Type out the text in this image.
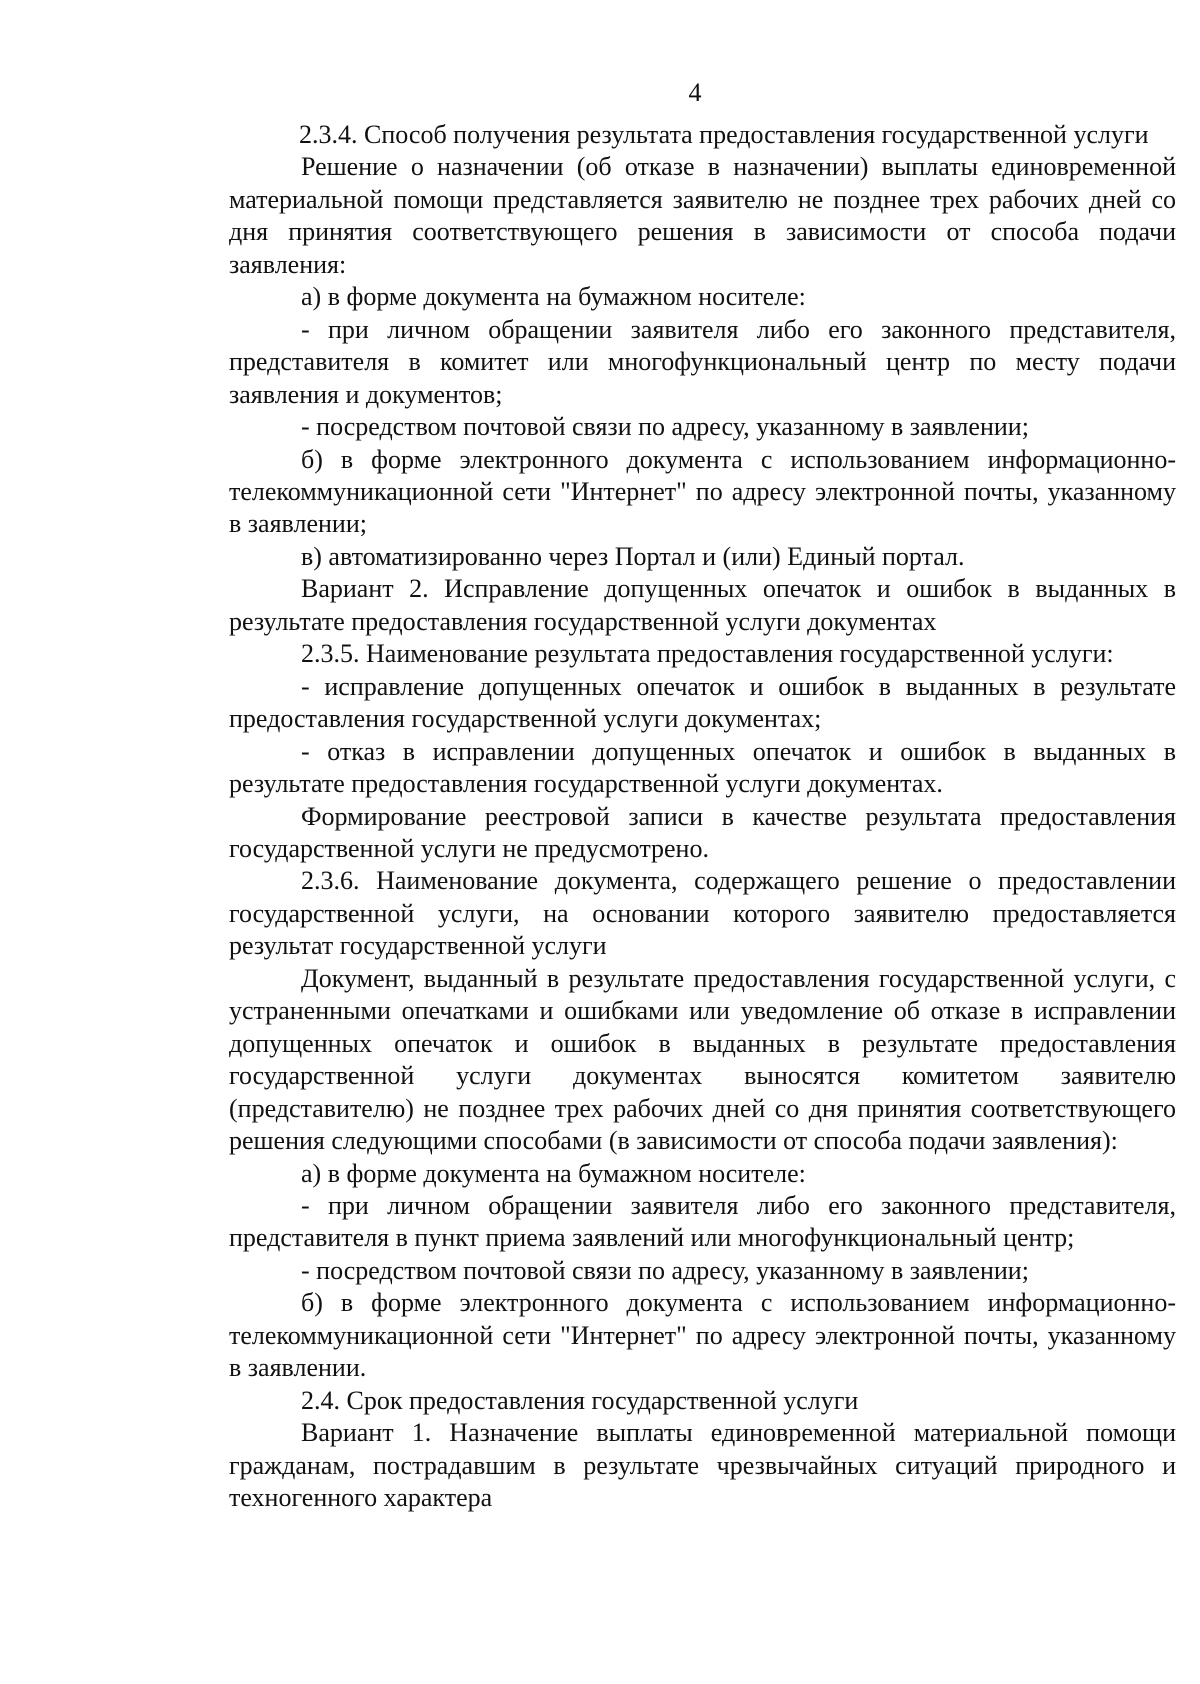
4

2.3.4. Способ получения результата предоставления государственной услуги

Решение о назначении (об отказе в назначении) выплаты единовременной материальной помощи представляется заявителю не позднее трех рабочих дней со дня принятия соответствующего решения в зависимости от способа подачи заявления:

а) в форме документа на бумажном носителе:

- при личном обращении заявителя либо его законного представителя, представителя в комитет или многофункциональный центр по месту подачи заявления и документов;

- посредством почтовой связи по адресу, указанному в заявлении;

б) в форме электронного документа с использованием информационно-телекоммуникационной сети "Интернет" по адресу электронной почты, указанному в заявлении;

в) автоматизированно через Портал и (или) Единый портал.

Вариант 2. Исправление допущенных опечаток и ошибок в выданных в результате предоставления государственной услуги документах

2.3.5. Наименование результата предоставления государственной услуги:

- исправление допущенных опечаток и ошибок в выданных в результате предоставления государственной услуги документах;

- отказ в исправлении допущенных опечаток и ошибок в выданных в результате предоставления государственной услуги документах.

Формирование реестровой записи в качестве результата предоставления государственной услуги не предусмотрено.

2.3.6. Наименование документа, содержащего решение о предоставлении государственной услуги, на основании которого заявителю предоставляется результат государственной услуги

Документ, выданный в результате предоставления государственной услуги, с устраненными опечатками и ошибками или уведомление об отказе в исправлении допущенных опечаток и ошибок в выданных в результате предоставления государственной услуги документах выносятся комитетом заявителю (представителю) не позднее трех рабочих дней со дня принятия соответствующего решения следующими способами (в зависимости от способа подачи заявления):

а) в форме документа на бумажном носителе:

- при личном обращении заявителя либо его законного представителя, представителя в пункт приема заявлений или многофункциональный центр;

- посредством почтовой связи по адресу, указанному в заявлении;

б) в форме электронного документа с использованием информационно-телекоммуникационной сети "Интернет" по адресу электронной почты, указанному в заявлении.

2.4. Срок предоставления государственной услуги

Вариант 1. Назначение выплаты единовременной материальной помощи гражданам, пострадавшим в результате чрезвычайных ситуаций природного и техногенного характера
